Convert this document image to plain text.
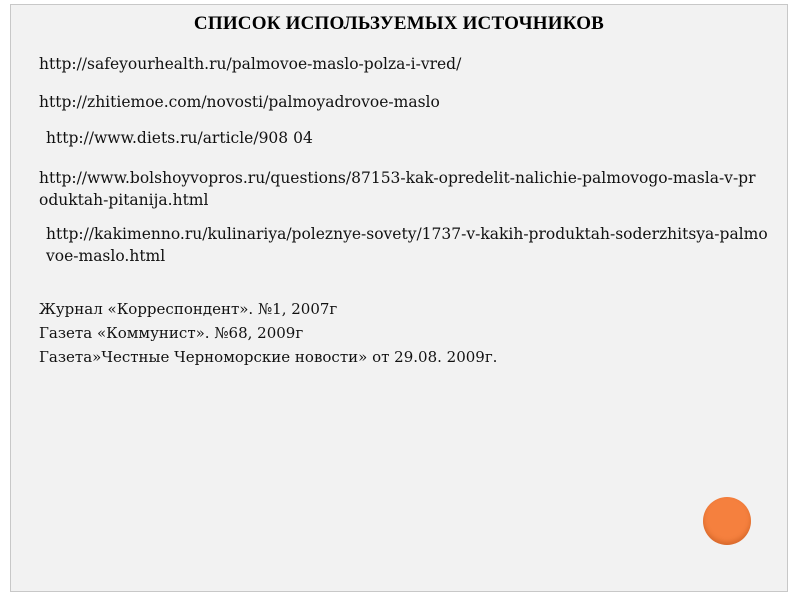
СПИСОК ИСПОЛЬЗУЕМЫХ ИСТОЧНИКОВ
http://safeyourhealth.ru/palmovoe-maslo-polza-i-vred/
http://zhitiemoe.com/novosti/palmoyadrovoe-maslo
http://www.diets.ru/article/908 04
http://www.bolshoyvopros.ru/questions/87153-kak-opredelit-nalichie-palmovogo-masla-v-produktah-pitanija.html
http://kakimenno.ru/kulinariya/poleznye-sovety/1737-v-kakih-produktah-soderzhitsya-palmovoe-maslo.html
Журнал «Корреспондент». №1, 2007г
Газета «Коммунист». №68, 2009г
Газета»Честные Черноморские новости» от 29.08. 2009г.
